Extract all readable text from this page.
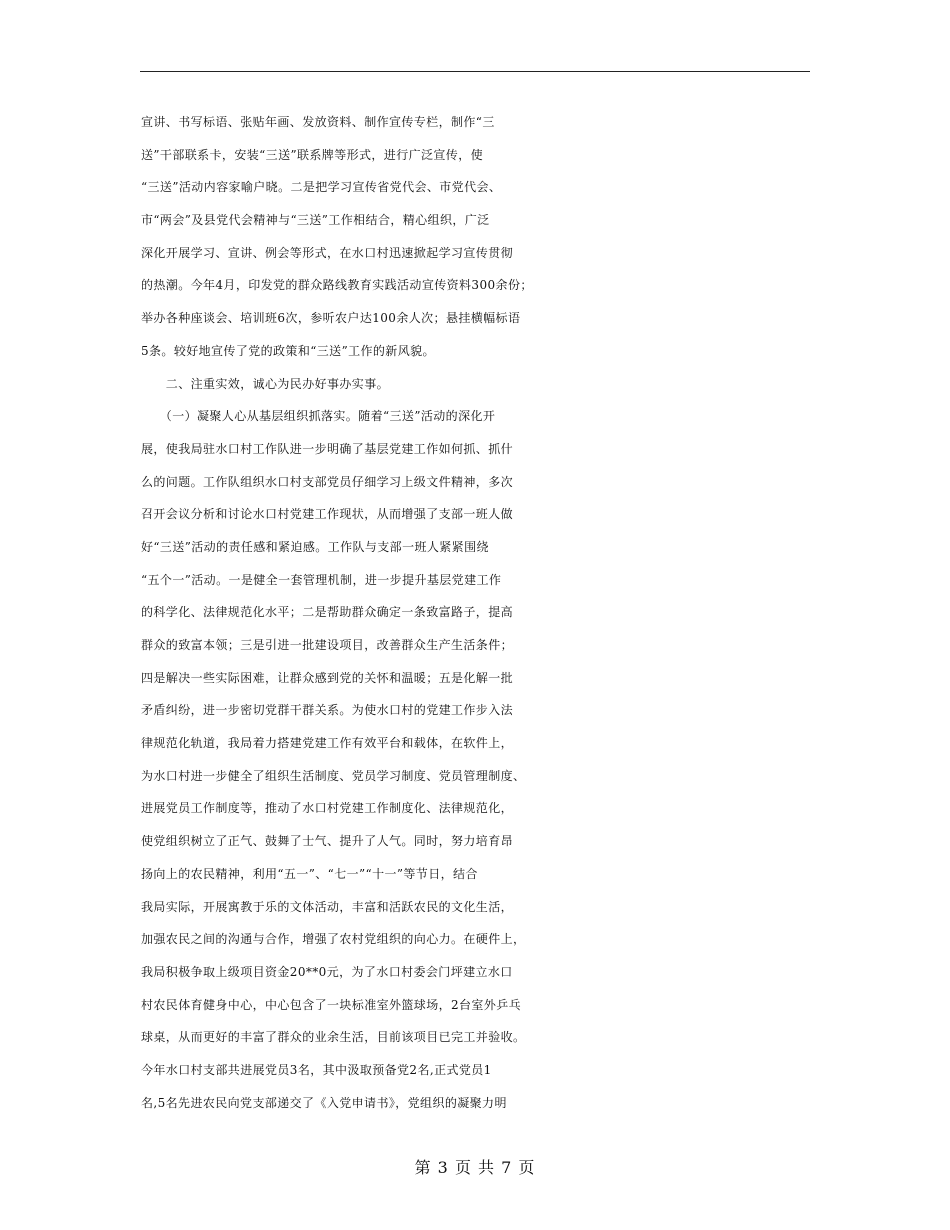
宣讲、书写标语、张贴年画、发放资料、制作宣传专栏，制作“三
送”干部联系卡，安装“三送”联系牌等形式，进行广泛宣传，使
“三送”活动内容家喻户晓。二是把学习宣传省党代会、市党代会、
市“两会”及县党代会精神与“三送”工作相结合，精心组织，广泛
深化开展学习、宣讲、例会等形式，在水口村迅速掀起学习宣传贯彻
的热潮。今年4月，印发党的群众路线教育实践活动宣传资料300余份；
举办各种座谈会、培训班6次，参听农户达100余人次；悬挂横幅标语
5条。较好地宣传了党的政策和“三送”工作的新风貌。
　　二、注重实效，诚心为民办好事办实事。
　　（一）凝聚人心从基层组织抓落实。随着“三送”活动的深化开
展，使我局驻水口村工作队进一步明确了基层党建工作如何抓、抓什
么的问题。工作队组织水口村支部党员仔细学习上级文件精神，多次
召开会议分析和讨论水口村党建工作现状，从而增强了支部一班人做
好“三送”活动的责任感和紧迫感。工作队与支部一班人紧紧围绕
“五个一”活动。一是健全一套管理机制，进一步提升基层党建工作
的科学化、法律规范化水平；二是帮助群众确定一条致富路子，提高
群众的致富本领；三是引进一批建设项目，改善群众生产生活条件；
四是解决一些实际困难，让群众感到党的关怀和温暖；五是化解一批
矛盾纠纷，进一步密切党群干群关系。为使水口村的党建工作步入法
律规范化轨道，我局着力搭建党建工作有效平台和载体，在软件上，
为水口村进一步健全了组织生活制度、党员学习制度、党员管理制度、
进展党员工作制度等，推动了水口村党建工作制度化、法律规范化，
使党组织树立了正气、鼓舞了士气、提升了人气。同时，努力培育昂
扬向上的农民精神，利用“五一”、“七一”“十一”等节日，结合
我局实际，开展寓教于乐的文体活动，丰富和活跃农民的文化生活，
加强农民之间的沟通与合作，增强了农村党组织的向心力。在硬件上，
我局积极争取上级项目资金20**0元，为了水口村委会门坪建立水口
村农民体育健身中心，中心包含了一块标准室外篮球场，2台室外乒乓
球桌，从而更好的丰富了群众的业余生活，目前该项目已完工并验收。
今年水口村支部共进展党员3名，其中汲取预备党2名,正式党员1
名,5名先进农民向党支部递交了《入党申请书》，党组织的凝聚力明
第 3 页 共 7 页
